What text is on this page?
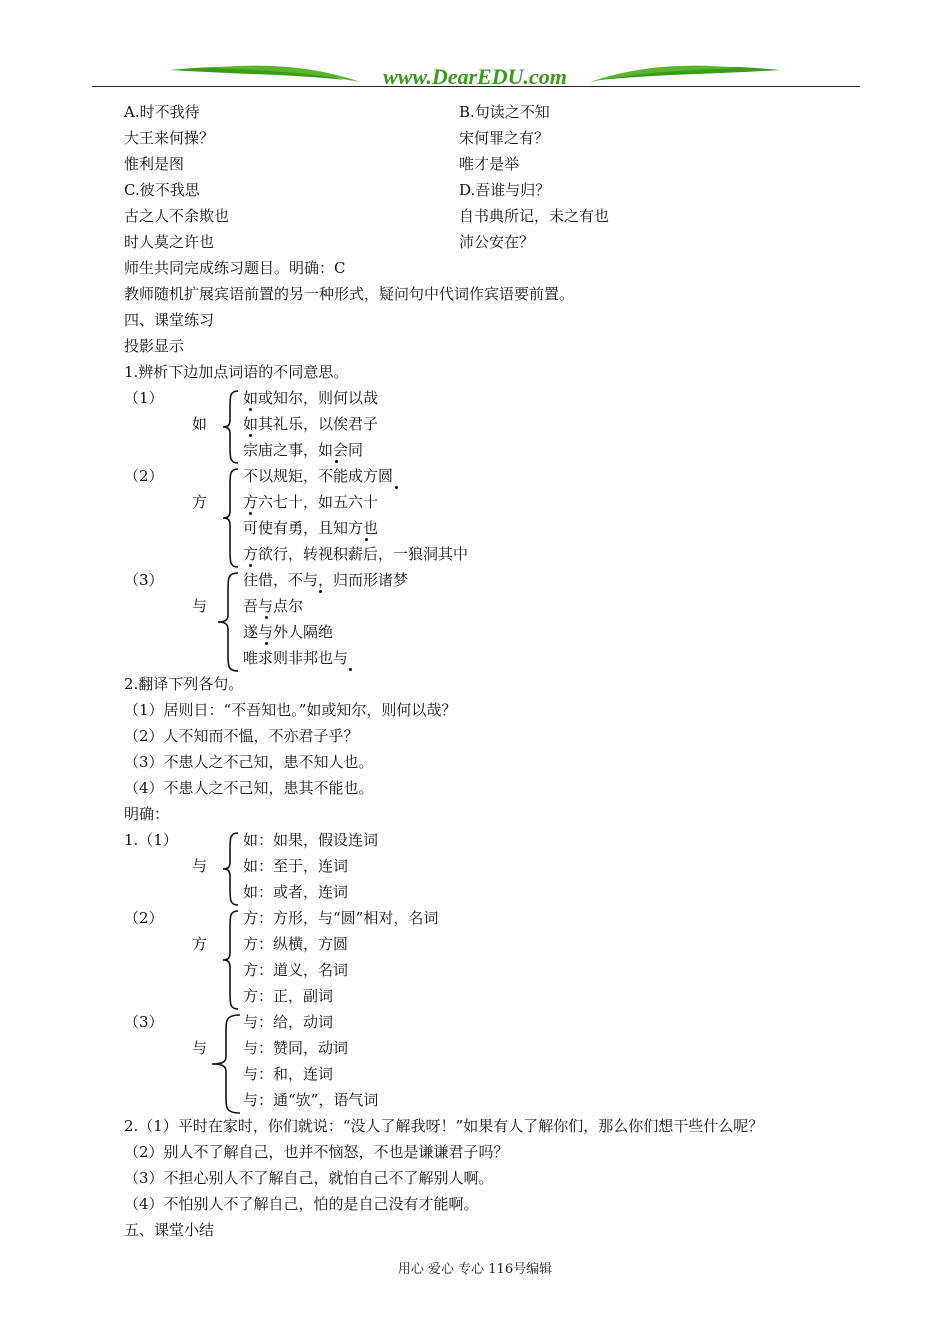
www.DearEDU.com
A.时不我待	B.句读之不知
大王来何操？	宋何罪之有？
惟利是图	唯才是举
C.彼不我思	D.吾谁与归？
古之人不余欺也	自书典所记，未之有也
时人莫之许也	沛公安在？
师生共同完成练习题目。明确：C
教师随机扩展宾语前置的另一种形式，疑问句中代词作宾语要前置。
四、课堂练习
投影显示
1.辨析下边加点词语的不同意思。
（1）
如
如或知尔，则何以哉
如其礼乐，以俟君子
宗庙之事，如会同
（2）
方
不以规矩，不能成方圆
方六七十，如五六十
可使有勇，且知方也
方欲行，转视积薪后，一狼洞其中
（3）
与
往借，不与，归而形诸梦
吾与点尔
遂与外人隔绝
唯求则非邦也与
2.翻译下列各句。
（1）居则日：“不吾知也。”如或知尔，则何以哉？
（2）人不知而不愠，不亦君子乎？
（3）不患人之不己知，患不知人也。
（4）不患人之不己知，患其不能也。
明确：
1.（1）
与
如：如果，假设连词
如：至于，连词
如：或者，连词
（2）
方
方：方形，与“圆”相对，名词
方：纵横，方圆
方：道义，名词
方：正，副词
（3）
与
与：给，动词
与：赞同，动词
与：和，连词
与：通“欤”，语气词
2.（1）平时在家时，你们就说：“没人了解我呀！”如果有人了解你们，那么你们想干些什么呢？
（2）别人不了解自己，也并不恼怒，不也是谦谦君子吗？
（3）不担心别人不了解自己，就怕自己不了解别人啊。
（4）不怕别人不了解自己，怕的是自己没有才能啊。
五、课堂小结
用心 爱心 专心 116号编辑
